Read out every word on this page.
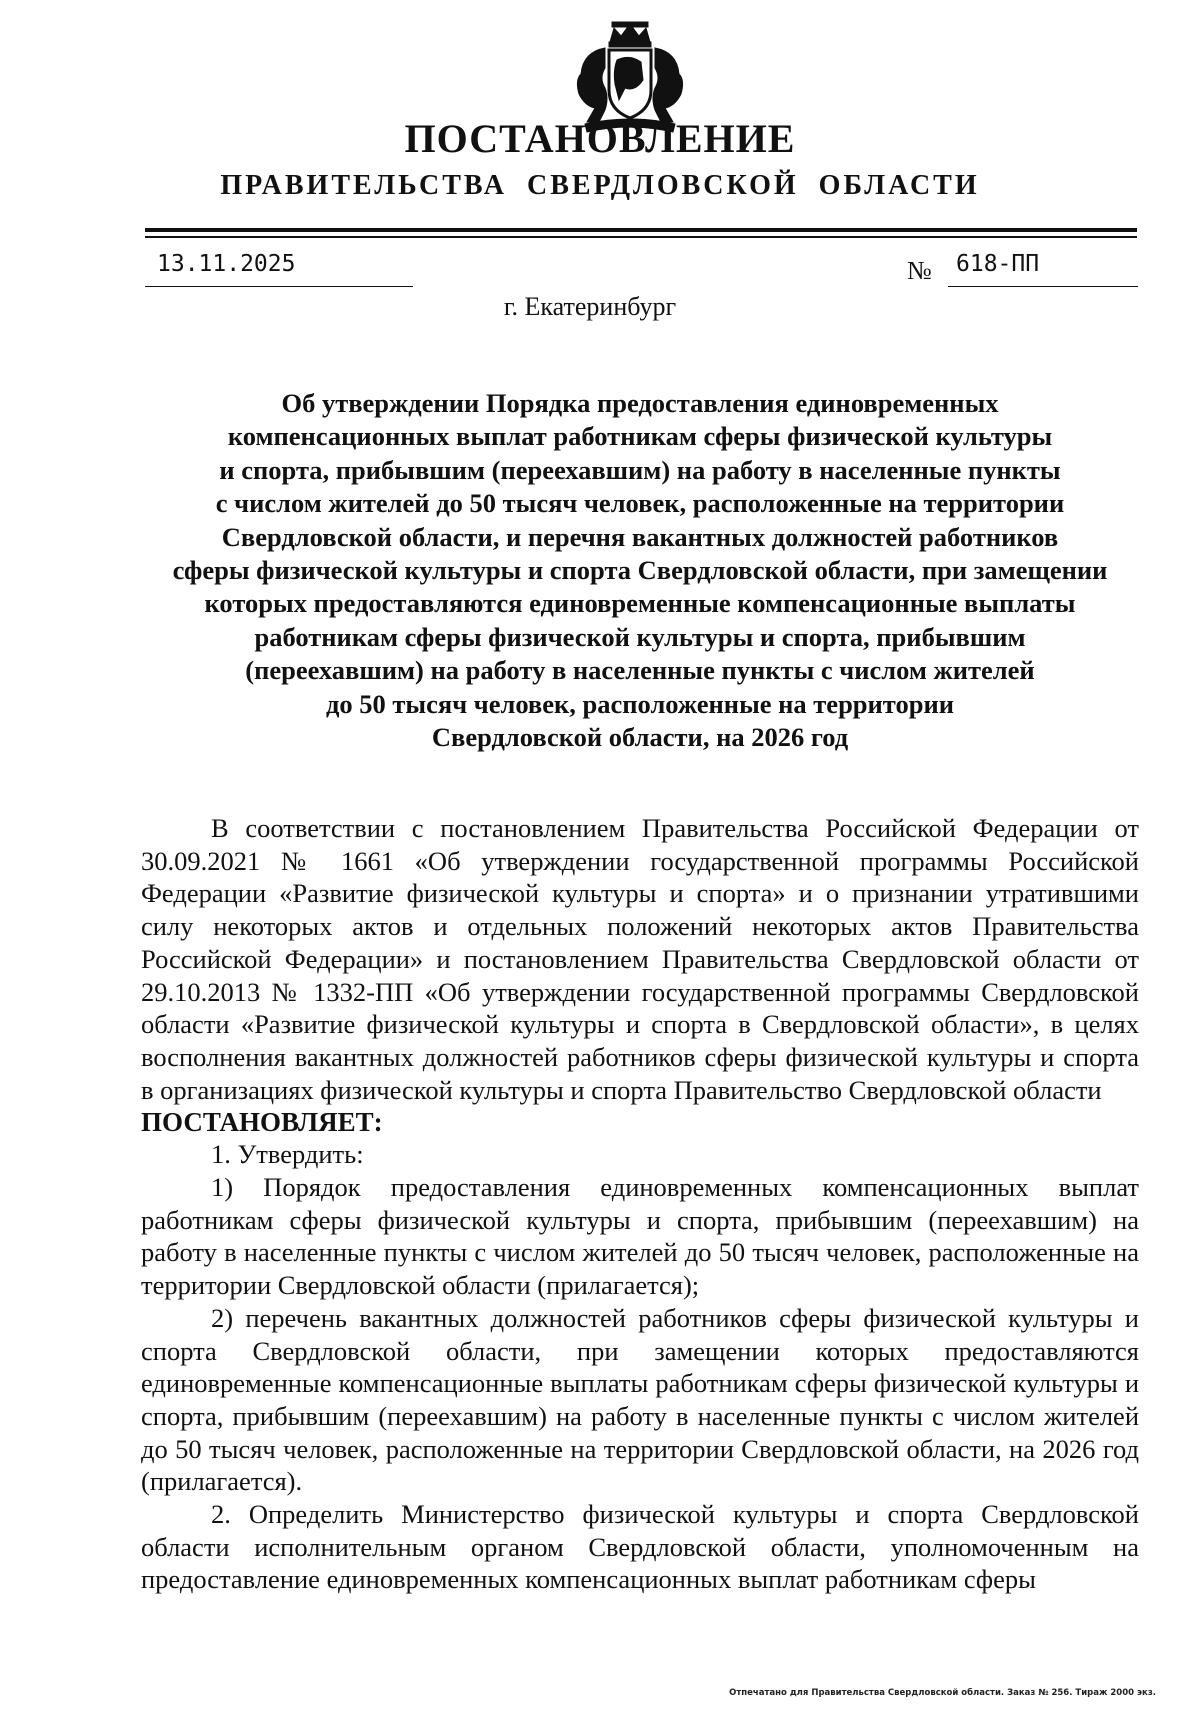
ПОСТАНОВЛЕНИЕ
ПРАВИТЕЛЬСТВА СВЕРДЛОВСКОЙ ОБЛАСТИ
13.11.2025	№	618-ПП
г. Екатеринбург
Об утверждении Порядка предоставления единовременных
компенсационных выплат работникам сферы физической культуры
и спорта, прибывшим (переехавшим) на работу в населенные пункты
с числом жителей до 50 тысяч человек, расположенные на территории
Свердловской области, и перечня вакантных должностей работников
сферы физической культуры и спорта Свердловской области, при замещении
которых предоставляются единовременные компенсационные выплаты
работникам сферы физической культуры и спорта, прибывшим
(переехавшим) на работу в населенные пункты с числом жителей
до 50 тысяч человек, расположенные на территории
Свердловской области, на 2026 год

В соответствии с постановлением Правительства Российской Федерации от 30.09.2021 № 1661 «Об утверждении государственной программы Российской Федерации «Развитие физической культуры и спорта» и о признании утратившими силу некоторых актов и отдельных положений некоторых актов Правительства Российской Федерации» и постановлением Правительства Свердловской области от 29.10.2013 № 1332-ПП «Об утверждении государственной программы Свердловской области «Развитие физической культуры и спорта в Свердловской области», в целях восполнения вакантных должностей работников сферы физической культуры и спорта в организациях физической культуры и спорта Правительство Свердловской области

ПОСТАНОВЛЯЕТ:

1. Утвердить:

1) Порядок предоставления единовременных компенсационных выплат работникам сферы физической культуры и спорта, прибывшим (переехавшим) на работу в населенные пункты с числом жителей до 50 тысяч человек, расположенные на территории Свердловской области (прилагается);

2) перечень вакантных должностей работников сферы физической культуры и спорта Свердловской области, при замещении которых предоставляются единовременные компенсационные выплаты работникам сферы физической культуры и спорта, прибывшим (переехавшим) на работу в населенные пункты с числом жителей до 50 тысяч человек, расположенные на территории Свердловской области, на 2026 год (прилагается).

2. Определить Министерство физической культуры и спорта Свердловской области исполнительным органом Свердловской области, уполномоченным на предоставление единовременных компенсационных выплат работникам сферы

Отпечатано для Правительства Свердловской области. Заказ № 256. Тираж 2000 экз.
